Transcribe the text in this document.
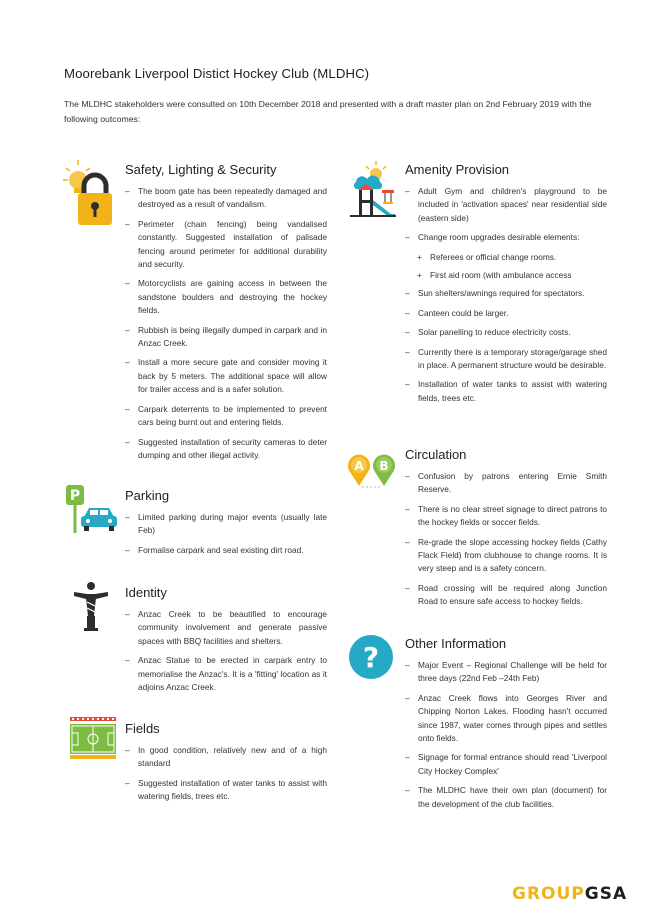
Moorebank Liverpool Distict Hockey Club (MLDHC)
The MLDHC stakeholders were consulted on 10th December 2018 and presented with a draft master plan on 2nd February 2019 with the following outcomes:
Safety, Lighting & Security
– The boom gate has been repeatedly damaged and destroyed as a result of vandalism.
– Perimeter (chain fencing) being vandalised constantly. Suggested installation of palisade fencing around perimeter for additional durability and security.
– Motorcyclists are gaining access in between the sandstone boulders and destroying the hockey fields.
– Rubbish is being illegally dumped in carpark and in Anzac Creek.
– Install a more secure gate and consider moving it back by 5 meters. The additional space will allow for trailer access and is a safer solution.
– Carpark deterrents to be implemented to prevent cars being burnt out and entering fields.
– Suggested installation of security cameras to deter dumping and other illegal activity.
P	Parking
– Limited parking during major events (usually late Feb)
– Formalise carpark and seal existing dirt road.
Identity
– Anzac Creek to be beautified to encourage community involvement and generate passive spaces with BBQ facilities and shelters.
– Anzac Statue to be erected in carpark entry to memorialise the Anzac's. It is a 'fitting' location as it adjoins Anzac Creek.
Fields
– In good condition, relatively new and of a high standard
– Suggested installation of water tanks to assist with watering fields, trees etc.
Amenity Provision
– Adult Gym and children's playground to be included in 'activation spaces' near residential side (eastern side)
– Change room upgrades desirable elements:
+ Referees or official change rooms.
+ First aid room (with ambulance access
– Sun shelters/awnings required for spectators.
– Canteen could be larger.
– Solar panelling to reduce electricity costs.
– Currently there is a temporary storage/garage shed in place. A permanent structure would be desirable.
– Installation of water tanks to assist with watering fields, trees etc.
A B
Circulation
– Confusion by patrons entering Ernie Smith Reserve.
– There is no clear street signage to direct patrons to the hockey fields or soccer fields.
– Re-grade the slope accessing hockey fields (Cathy Flack Field) from clubhouse to change rooms. It is very steep and is a safety concern.
– Road crossing will be required along Junction Road to ensure safe access to hockey fields.
? Other Information
– Major Event – Regional Challenge will be held for three days (22nd Feb –24th Feb)
– Anzac Creek flows into Georges River and Chipping Norton Lakes. Flooding hasn't occurred since 1987, water comes through pipes and settles onto fields.
– Signage for formal entrance should read 'Liverpool City Hockey Complex'
– The MLDHC have their own plan (document) for the development of the club facilities.
GROUPGSA
